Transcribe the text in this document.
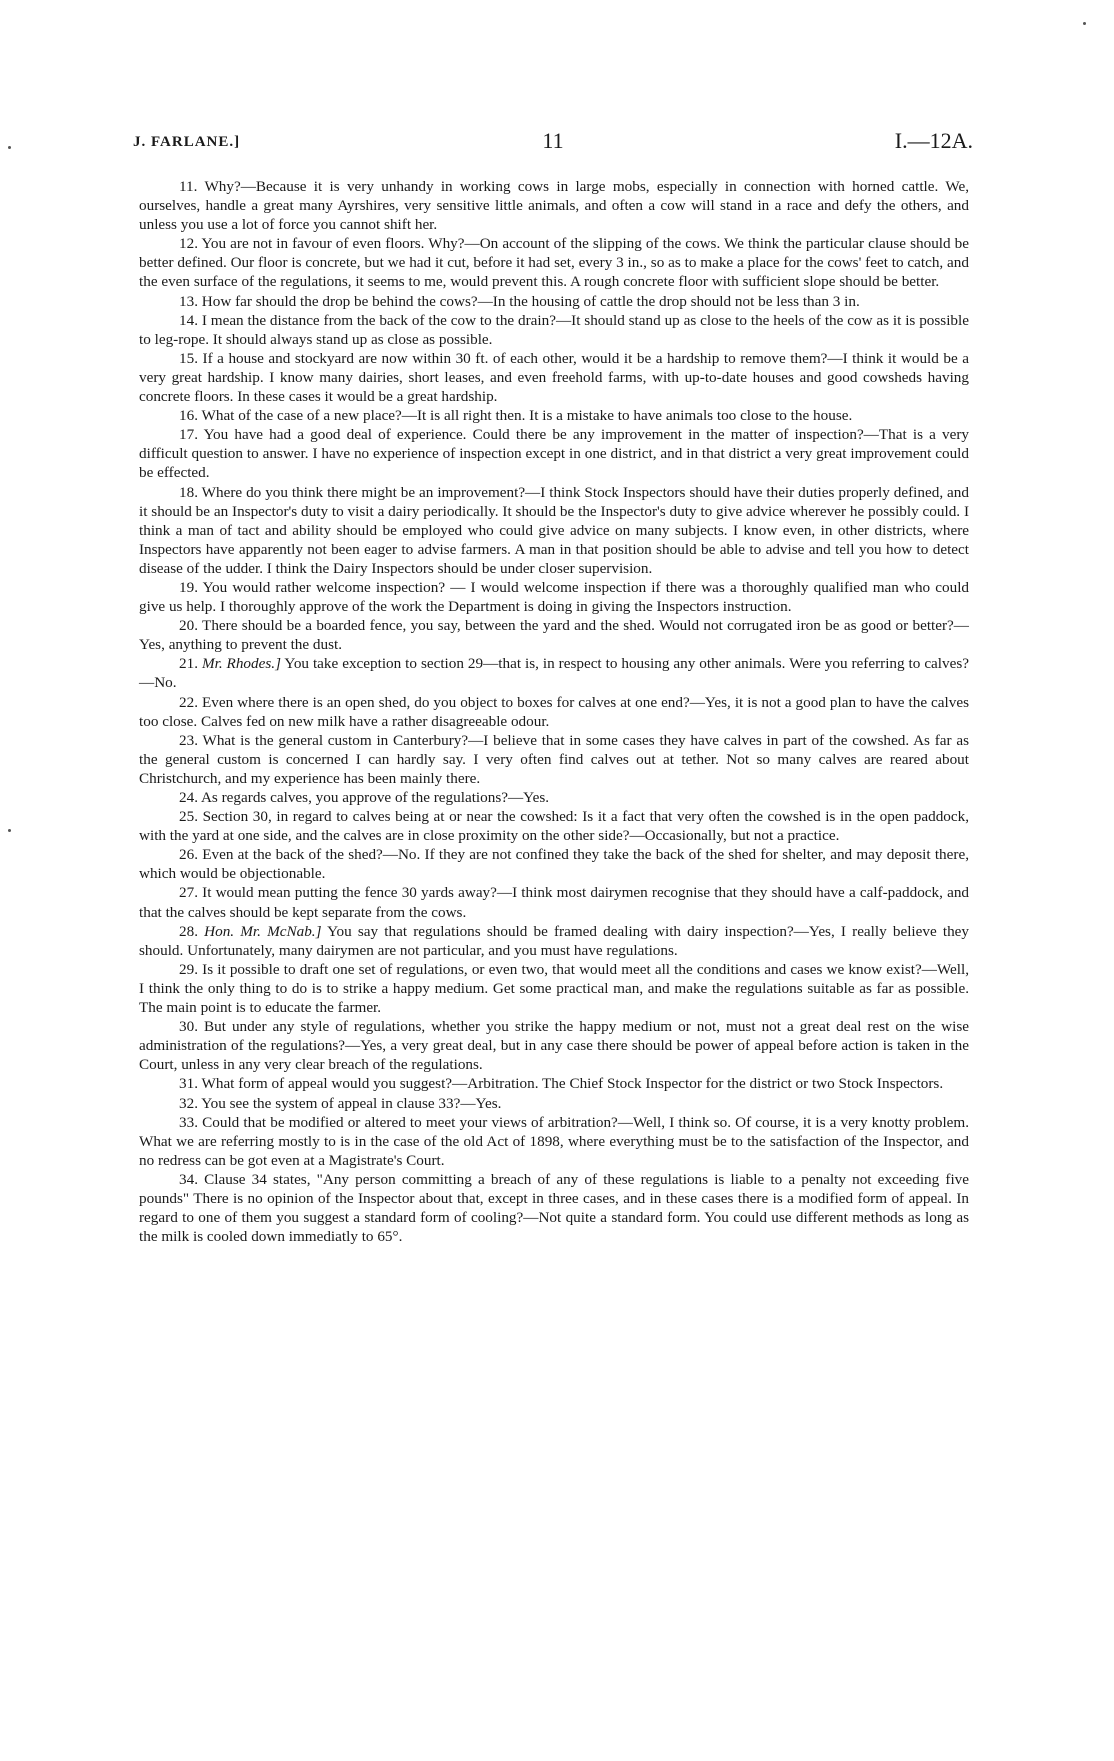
J. FARLANE.]	11	I.—12A.

11. Why?—Because it is very unhandy in working cows in large mobs, especially in connection with horned cattle. We, ourselves, handle a great many Ayrshires, very sensitive little animals, and often a cow will stand in a race and defy the others, and unless you use a lot of force you cannot shift her.

12. You are not in favour of even floors. Why?—On account of the slipping of the cows. We think the particular clause should be better defined. Our floor is concrete, but we had it cut, before it had set, every 3 in., so as to make a place for the cows' feet to catch, and the even surface of the regulations, it seems to me, would prevent this. A rough concrete floor with sufficient slope should be better.

13. How far should the drop be behind the cows?—In the housing of cattle the drop should not be less than 3 in.

14. I mean the distance from the back of the cow to the drain?—It should stand up as close to the heels of the cow as it is possible to leg-rope. It should always stand up as close as possible.

15. If a house and stockyard are now within 30 ft. of each other, would it be a hardship to remove them?—I think it would be a very great hardship. I know many dairies, short leases, and even freehold farms, with up-to-date houses and good cowsheds having concrete floors. In these cases it would be a great hardship.

16. What of the case of a new place?—It is all right then. It is a mistake to have animals too close to the house.

17. You have had a good deal of experience. Could there be any improvement in the matter of inspection?—That is a very difficult question to answer. I have no experience of inspection except in one district, and in that district a very great improvement could be effected.

18. Where do you think there might be an improvement?—I think Stock Inspectors should have their duties properly defined, and it should be an Inspector's duty to visit a dairy periodically. It should be the Inspector's duty to give advice wherever he possibly could. I think a man of tact and ability should be employed who could give advice on many subjects. I know even, in other districts, where Inspectors have apparently not been eager to advise farmers. A man in that position should be able to advise and tell you how to detect disease of the udder. I think the Dairy Inspectors should be under closer supervision.

19. You would rather welcome inspection? — I would welcome inspection if there was a thoroughly qualified man who could give us help. I thoroughly approve of the work the Department is doing in giving the Inspectors instruction.

20. There should be a boarded fence, you say, between the yard and the shed. Would not corrugated iron be as good or better?—Yes, anything to prevent the dust.

21. Mr. Rhodes.] You take exception to section 29—that is, in respect to housing any other animals. Were you referring to calves?—No.

22. Even where there is an open shed, do you object to boxes for calves at one end?—Yes, it is not a good plan to have the calves too close. Calves fed on new milk have a rather disagreeable odour.

23. What is the general custom in Canterbury?—I believe that in some cases they have calves in part of the cowshed. As far as the general custom is concerned I can hardly say. I very often find calves out at tether. Not so many calves are reared about Christchurch, and my experience has been mainly there.

24. As regards calves, you approve of the regulations?—Yes.

25. Section 30, in regard to calves being at or near the cowshed: Is it a fact that very often the cowshed is in the open paddock, with the yard at one side, and the calves are in close proximity on the other side?—Occasionally, but not a practice.

26. Even at the back of the shed?—No. If they are not confined they take the back of the shed for shelter, and may deposit there, which would be objectionable.

27. It would mean putting the fence 30 yards away?—I think most dairymen recognise that they should have a calf-paddock, and that the calves should be kept separate from the cows.

28. Hon. Mr. McNab.] You say that regulations should be framed dealing with dairy inspection?—Yes, I really believe they should. Unfortunately, many dairymen are not particular, and you must have regulations.

29. Is it possible to draft one set of regulations, or even two, that would meet all the conditions and cases we know exist?—Well, I think the only thing to do is to strike a happy medium. Get some practical man, and make the regulations suitable as far as possible. The main point is to educate the farmer.

30. But under any style of regulations, whether you strike the happy medium or not, must not a great deal rest on the wise administration of the regulations?—Yes, a very great deal, but in any case there should be power of appeal before action is taken in the Court, unless in any very clear breach of the regulations.

31. What form of appeal would you suggest?—Arbitration. The Chief Stock Inspector for the district or two Stock Inspectors.

32. You see the system of appeal in clause 33?—Yes.

33. Could that be modified or altered to meet your views of arbitration?—Well, I think so. Of course, it is a very knotty problem. What we are referring mostly to is in the case of the old Act of 1898, where everything must be to the satisfaction of the Inspector, and no redress can be got even at a Magistrate's Court.

34. Clause 34 states, "Any person committing a breach of any of these regulations is liable to a penalty not exceeding five pounds" There is no opinion of the Inspector about that, except in three cases, and in these cases there is a modified form of appeal. In regard to one of them you suggest a standard form of cooling?—Not quite a standard form. You could use different methods as long as the milk is cooled down immediatly to 65°.
